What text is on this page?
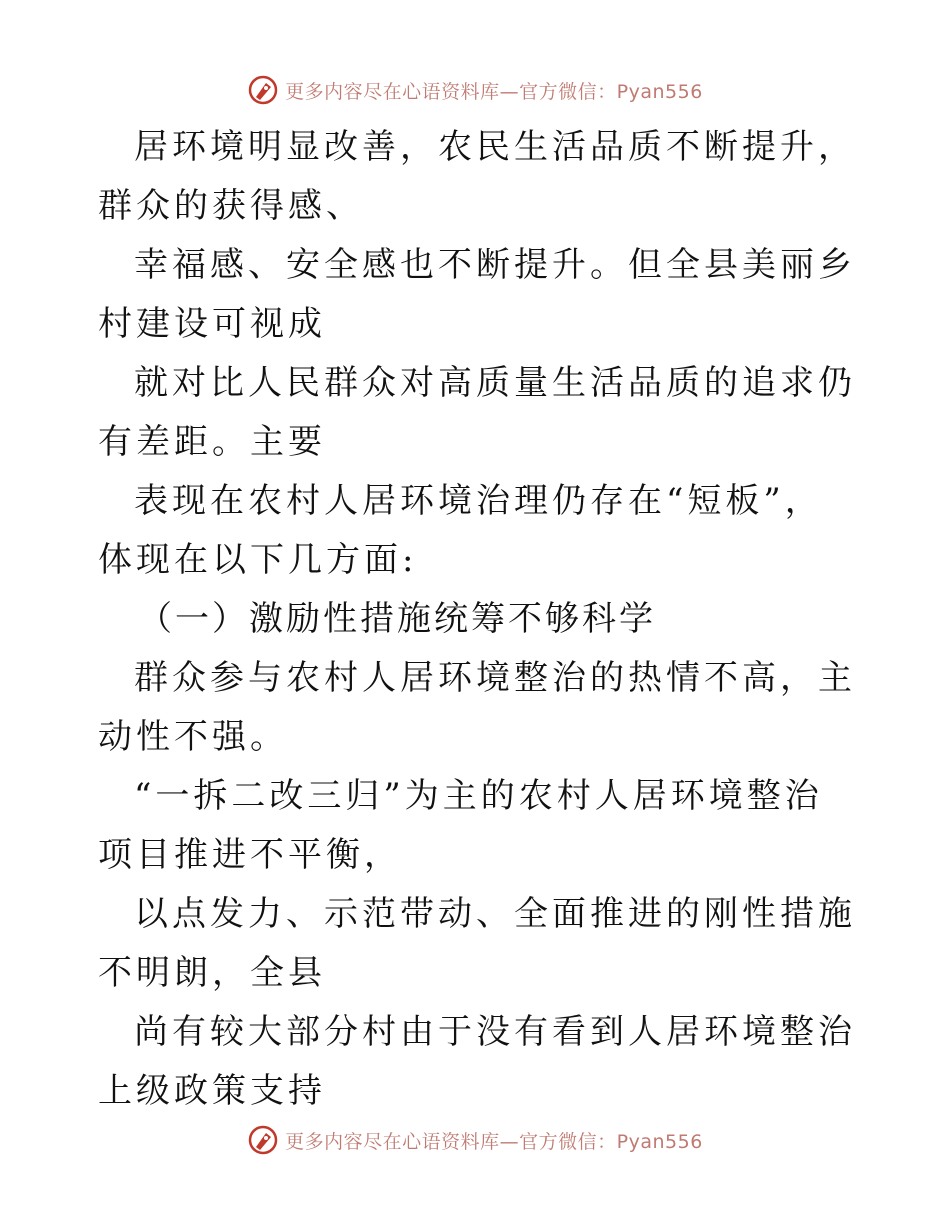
更多内容尽在心语资料库—官方微信：Pyan556

居环境明显改善，农民生活品质不断提升，群众的获得感、

幸福感、安全感也不断提升。但全县美丽乡村建设可视成

就对比人民群众对高质量生活品质的追求仍有差距。主要

表现在农村人居环境治理仍存在“短板”，体现在以下几方面:

（一）激励性措施统筹不够科学

群众参与农村人居环境整治的热情不高，主动性不强。

“一拆二改三归”为主的农村人居环境整治项目推进不平衡，

以点发力、示范带动、全面推进的刚性措施不明朗，全县

尚有较大部分村由于没有看到人居环境整治上级政策支持

更多内容尽在心语资料库—官方微信：Pyan556
